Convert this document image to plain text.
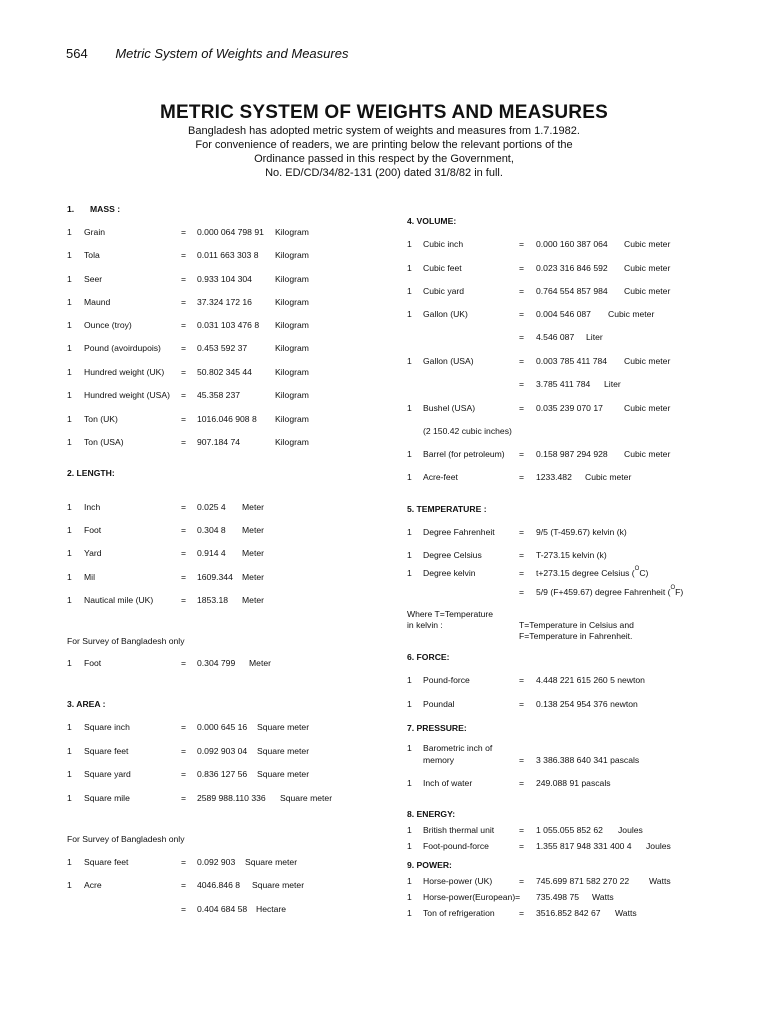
564 Metric System of Weights and Measures
METRIC SYSTEM OF WEIGHTS AND MEASURES
Bangladesh has adopted metric system of weights and measures from 1.7.1982.
For convenience of readers, we are printing below the relevant portions of the
Ordinance passed in this respect by the Government,
No. ED/CD/34/82-131 (200) dated 31/8/82 in full.
1. MASS :
1 Grain	= 0.000 064 798 91 Kilogram
1 Tola	= 0.011 663 303 8 Kilogram
1 Seer	= 0.933 104 304	Kilogram
1 Maund	= 37.324 172 16	Kilogram
1 Ounce (troy)	= 0.031 103 476 8 Kilogram
1 Pound (avoirdupois) = 0.453 592 37	Kilogram
1 Hundred weight (UK) = 50.802 345 44	Kilogram
1 Hundred weight (USA) = 45.358 237	Kilogram
1 Ton (UK)	= 1016.046 908 8 Kilogram
1 Ton (USA)	= 907.184 74	Kilogram
2. LENGTH:
1 Inch	= 0.025 4 Meter
1 Foot	= 0.304 8 Meter
1 Yard	= 0.914 4 Meter
1 Mil	= 1609.344 Meter
1 Nautical mile (UK)	= 1853.18 Meter
For Survey of Bangladesh only
1 Foot	= 0.304 799 Meter
3. AREA :
1 Square inch	= 0.000 645 16 Square meter
1 Square feet	= 0.092 903 04 Square meter
1 Square yard	= 0.836 127 56 Square meter
1 Square mile	= 2589 988.110 336 Square meter
For Survey of Bangladesh only
1 Square feet	= 0.092 903 Square meter
1 Acre	= 4046.846 8 Square meter
= 0.404 684 58 Hectare
4. VOLUME:
1 Cubic inch	= 0.000 160 387 064 Cubic meter
1 Cubic feet	= 0.023 316 846 592 Cubic meter
1 Cubic yard	= 0.764 554 857 984 Cubic meter
1 Gallon (UK)	= 0.004 546 087 Cubic meter
= 4.546 087 Liter
1 Gallon (USA)	= 0.003 785 411 784 Cubic meter
= 3.785 411 784 Liter
1 Bushel (USA)	= 0.035 239 070 17 Cubic meter
(2 150.42 cubic inches)
1 Barrel (for petroleum) = 0.158 987 294 928 Cubic meter
1 Acre-feet	= 1233.482 Cubic meter
5. TEMPERATURE :
1 Degree Fahrenheit	= 9/5 (T-459.67) kelvin (k)
1 Degree Celsius	= T-273.15 kelvin (k)
1 Degree kelvin	= t+273.15 degree Celsius ($^O$C)
= 5/9 (F+459.67) degree Fahrenheit ($^O$F)
Where T=Temperature
in kelvin :	T=Temperature in Celsius and
F=Temperature in Fahrenheit.
6. FORCE:
1 Pound-force	= 4.448 221 615 260 5 newton
1 Poundal	= 0.138 254 954 376 newton
7. PRESSURE:
1 Barometric inch of
memory	= 3 386.388 640 341 pascals
1 Inch of water	= 249.088 91 pascals
8. ENERGY:
1 British thermal unit	= 1 055.055 852 62 Joules
1 Foot-pound-force	= 1.355 817 948 331 400 4 Joules
9. POWER:
1 Horse-power (UK)	= 745.699 871 582 270 22 Watts
1 Horse-power(European)= 735.498 75 Watts
1 Ton of refrigeration	= 3516.852 842 67 Watts
